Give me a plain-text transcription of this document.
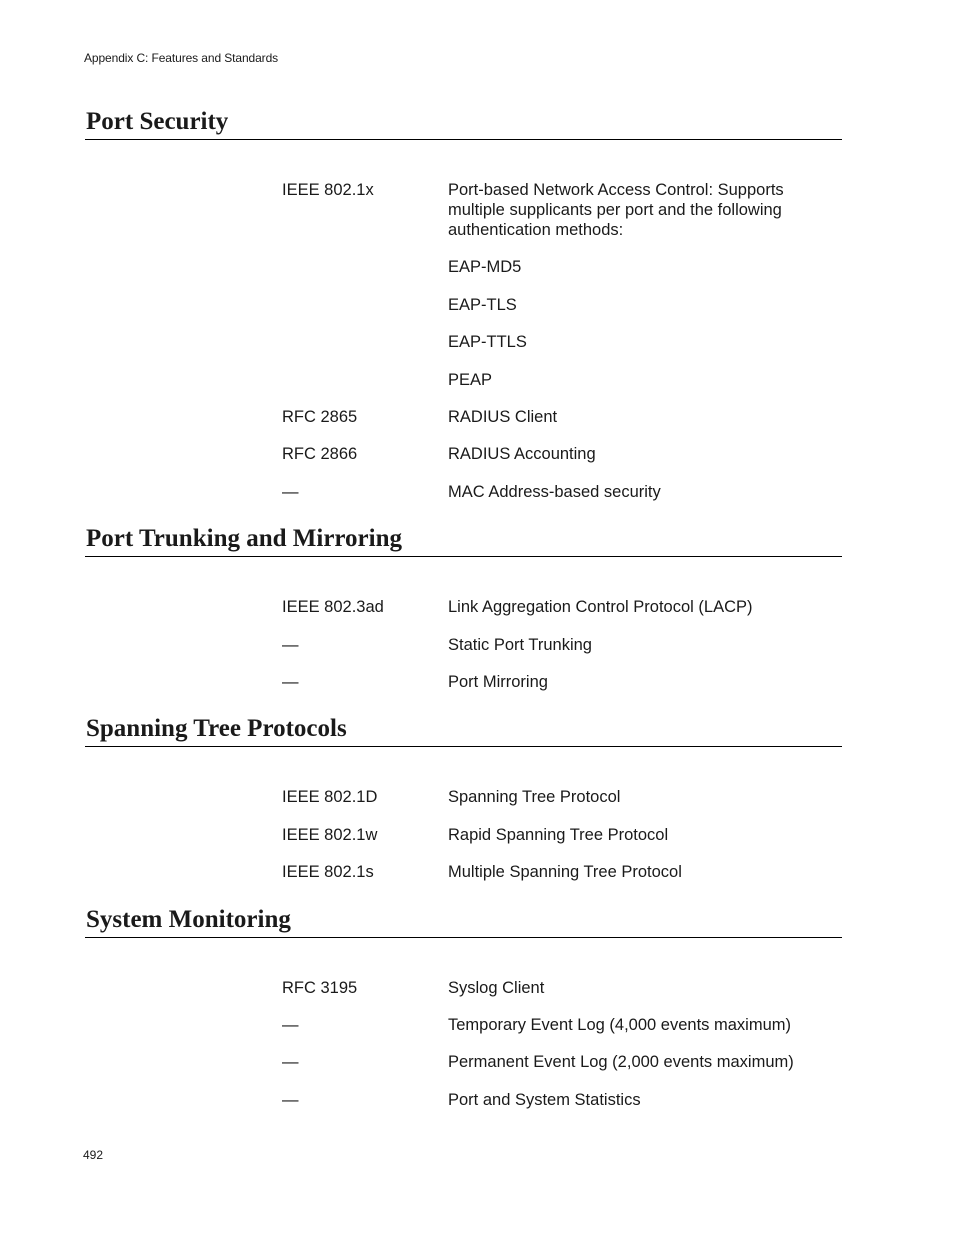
Appendix C: Features and Standards
Port Security
IEEE 802.1x	Port-based Network Access Control: Supports multiple supplicants per port and the following authentication methods:
EAP-MD5
EAP-TLS
EAP-TTLS
PEAP
RFC 2865	RADIUS Client
RFC 2866	RADIUS Accounting
—	MAC Address-based security
Port Trunking and Mirroring
IEEE 802.3ad	Link Aggregation Control Protocol (LACP)
—	Static Port Trunking
—	Port Mirroring
Spanning Tree Protocols
IEEE 802.1D	Spanning Tree Protocol
IEEE 802.1w	Rapid Spanning Tree Protocol
IEEE 802.1s	Multiple Spanning Tree Protocol
System Monitoring
RFC 3195	Syslog Client
—	Temporary Event Log (4,000 events maximum)
—	Permanent Event Log (2,000 events maximum)
—	Port and System Statistics
492
